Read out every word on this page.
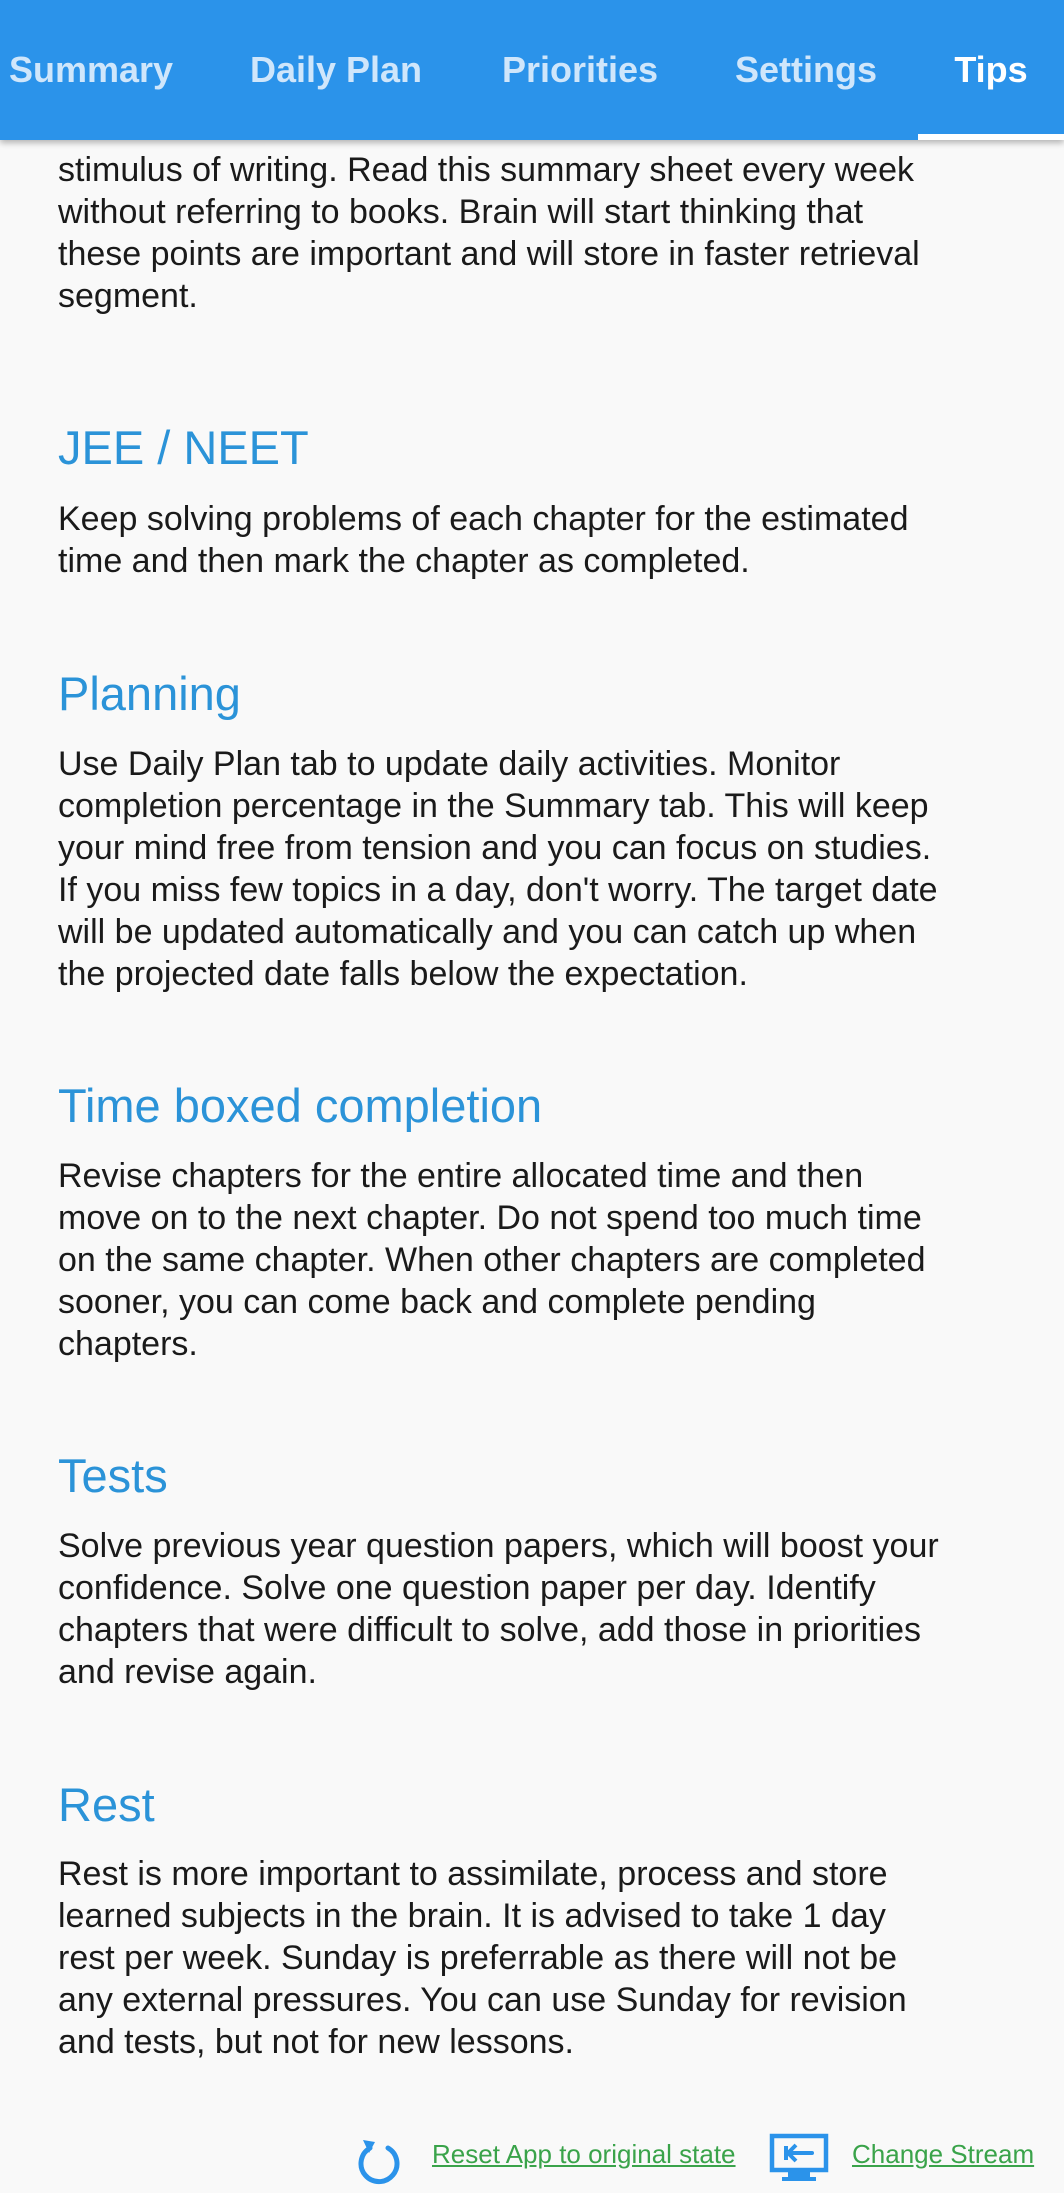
Summary	Daily Plan	Priorities	Settings	Tips

stimulus of writing. Read this summary sheet every week
without referring to books. Brain will start thinking that
these points are important and will store in faster retrieval
segment.

JEE / NEET

Keep solving problems of each chapter for the estimated
time and then mark the chapter as completed.

Planning

Use Daily Plan tab to update daily activities. Monitor
completion percentage in the Summary tab. This will keep
your mind free from tension and you can focus on studies.
If you miss few topics in a day, don't worry. The target date
will be updated automatically and you can catch up when
the projected date falls below the expectation.

Time boxed completion

Revise chapters for the entire allocated time and then
move on to the next chapter. Do not spend too much time
on the same chapter. When other chapters are completed
sooner, you can come back and complete pending
chapters.

Tests

Solve previous year question papers, which will boost your
confidence. Solve one question paper per day. Identify
chapters that were difficult to solve, add those in priorities
and revise again.

Rest

Rest is more important to assimilate, process and store
learned subjects in the brain. It is advised to take 1 day
rest per week. Sunday is preferrable as there will not be
any external pressures. You can use Sunday for revision
and tests, but not for new lessons.

Reset App to original state	Change Stream
